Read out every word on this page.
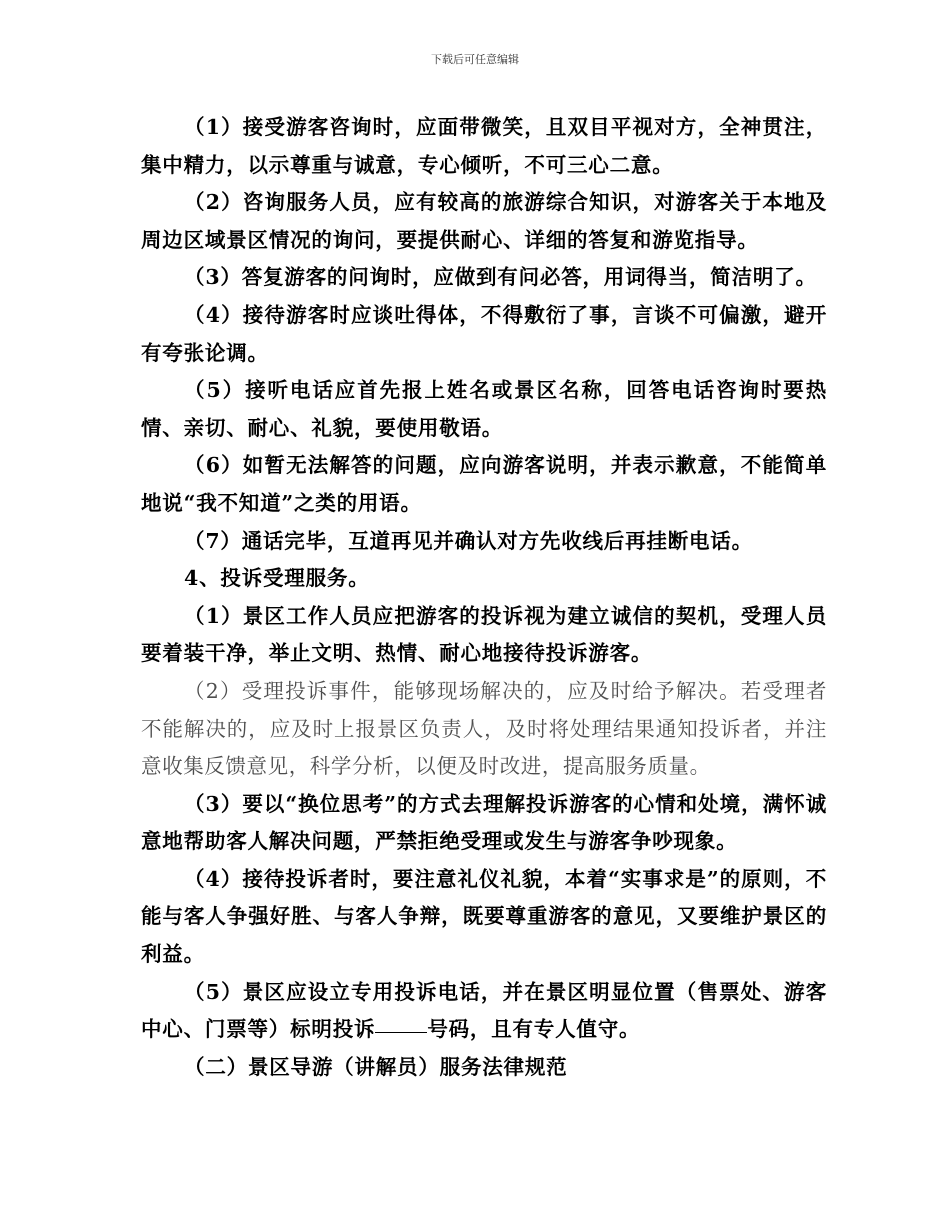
下载后可任意编辑

（1）接受游客咨询时，应面带微笑，且双目平视对方，全神贯注，集中精力，以示尊重与诚意，专心倾听，不可三心二意。

（2）咨询服务人员，应有较高的旅游综合知识，对游客关于本地及周边区域景区情况的询问，要提供耐心、详细的答复和游览指导。

（3）答复游客的问询时，应做到有问必答，用词得当，简洁明了。

（4）接待游客时应谈吐得体，不得敷衍了事，言谈不可偏激，避开有夸张论调。

（5）接听电话应首先报上姓名或景区名称，回答电话咨询时要热情、亲切、耐心、礼貌，要使用敬语。

（6）如暂无法解答的问题，应向游客说明，并表示歉意，不能简单地说“我不知道”之类的用语。

（7）通话完毕，互道再见并确认对方先收线后再挂断电话。

4、投诉受理服务。

（1）景区工作人员应把游客的投诉视为建立诚信的契机，受理人员要着装干净，举止文明、热情、耐心地接待投诉游客。

（2）受理投诉事件，能够现场解决的，应及时给予解决。若受理者不能解决的，应及时上报景区负责人，及时将处理结果通知投诉者，并注意收集反馈意见，科学分析，以便及时改进，提高服务质量。

（3）要以“换位思考”的方式去理解投诉游客的心情和处境，满怀诚意地帮助客人解决问题，严禁拒绝受理或发生与游客争吵现象。

（4）接待投诉者时，要注意礼仪礼貌，本着“实事求是”的原则，不能与客人争强好胜、与客人争辩，既要尊重游客的意见，又要维护景区的利益。

（5）景区应设立专用投诉电话，并在景区明显位置（售票处、游客中心、门票等）标明投诉	号码，且有专人值守。

（二）景区导游（讲解员）服务法律规范
